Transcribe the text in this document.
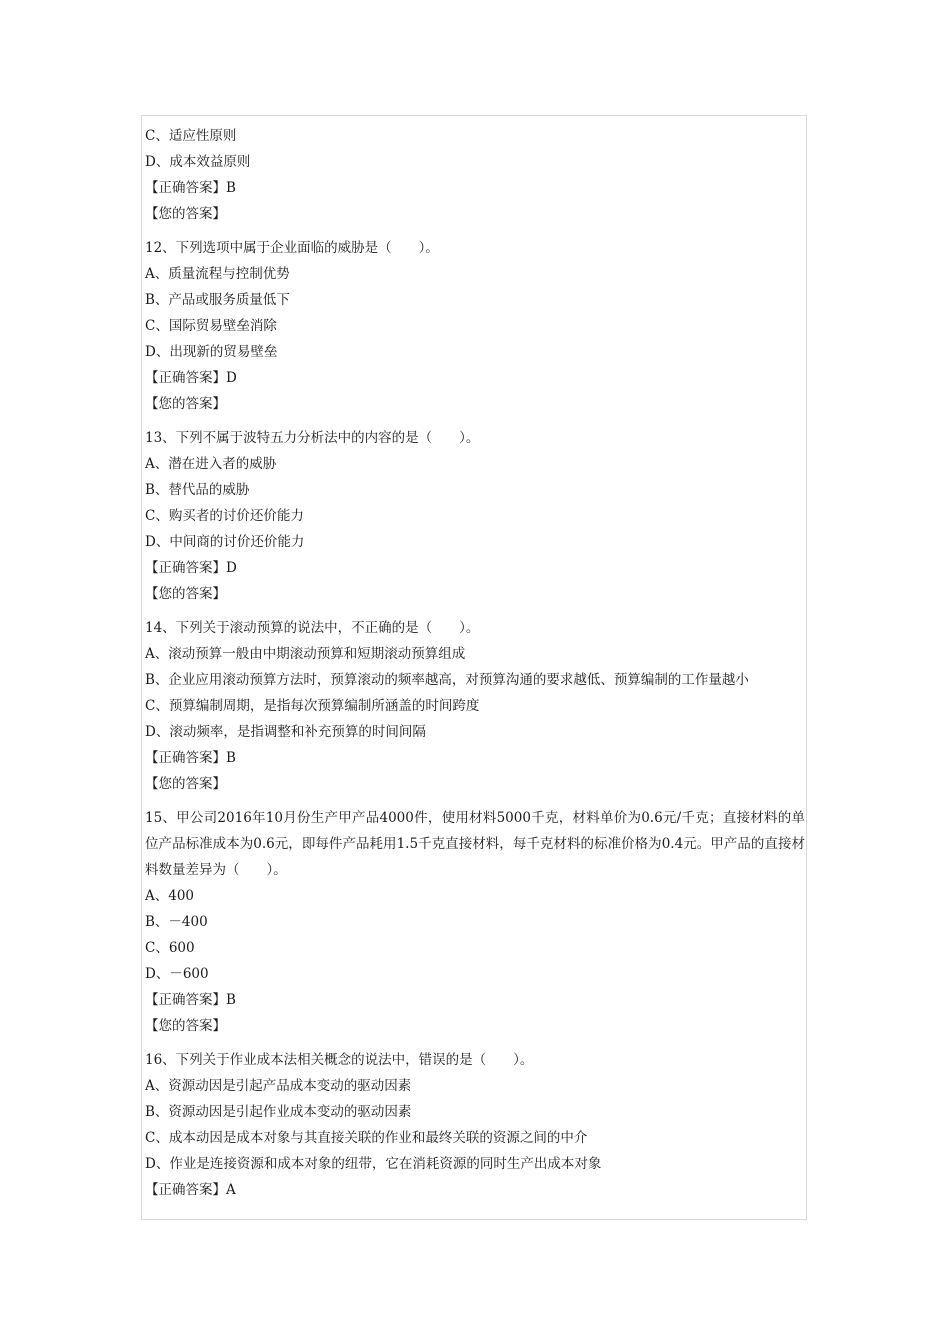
C、适应性原则

D、成本效益原则

【正确答案】B

【您的答案】

12、下列选项中属于企业面临的威胁是（　　）。

A、质量流程与控制优势

B、产品或服务质量低下

C、国际贸易壁垒消除

D、出现新的贸易壁垒

【正确答案】D

【您的答案】

13、下列不属于波特五力分析法中的内容的是（　　）。

A、潜在进入者的威胁

B、替代品的威胁

C、购买者的讨价还价能力

D、中间商的讨价还价能力

【正确答案】D

【您的答案】

14、下列关于滚动预算的说法中，不正确的是（　　）。

A、滚动预算一般由中期滚动预算和短期滚动预算组成

B、企业应用滚动预算方法时，预算滚动的频率越高，对预算沟通的要求越低、预算编制的工作量越小

C、预算编制周期，是指每次预算编制所涵盖的时间跨度

D、滚动频率，是指调整和补充预算的时间间隔

【正确答案】B

【您的答案】

15、甲公司2016年10月份生产甲产品4000件，使用材料5000千克，材料单价为0.6元/千克；直接材料的单位产品标准成本为0.6元，即每件产品耗用1.5千克直接材料，每千克材料的标准价格为0.4元。甲产品的直接材料数量差异为（　　）。

A、400

B、－400

C、600

D、－600

【正确答案】B

【您的答案】

16、下列关于作业成本法相关概念的说法中，错误的是（　　）。

A、资源动因是引起产品成本变动的驱动因素

B、资源动因是引起作业成本变动的驱动因素

C、成本动因是成本对象与其直接关联的作业和最终关联的资源之间的中介

D、作业是连接资源和成本对象的纽带，它在消耗资源的同时生产出成本对象

【正确答案】A
